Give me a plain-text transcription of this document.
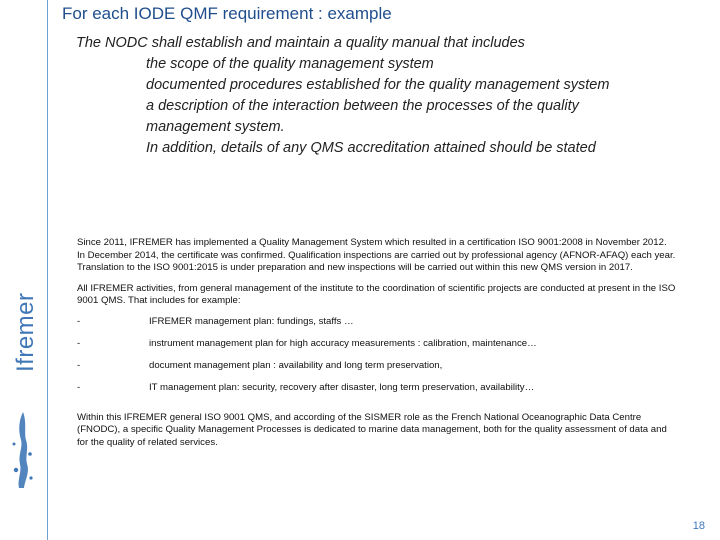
Ifremer
For each IODE QMF requirement : example
The NODC shall establish and maintain a quality manual that includes
the scope of the quality management system
documented procedures established for the quality management system
a description of the interaction between the processes of the quality
management system.
In addition, details of any QMS accreditation attained should be stated

Since 2011, IFREMER has implemented a Quality Management System which resulted in a certification ISO 9001:2008 in November 2012. In December 2014, the certificate was confirmed. Qualification inspections are carried out by professional agency (AFNOR-AFAQ) each year. Translation to the ISO 9001:2015 is under preparation and new inspections will be carried out within this new QMS version in 2017.

All IFREMER activities, from general management of the institute to the coordination of scientific projects are conducted at present in the ISO 9001 QMS. That includes for example:

-	IFREMER management plan: fundings, staffs …
-	instrument management plan for high accuracy measurements : calibration, maintenance…
-	document management plan : availability and long term preservation,
-	IT management plan: security, recovery after disaster, long term preservation, availability…

Within this IFREMER general ISO 9001 QMS, and according of the SISMER role as the French National Oceanographic Data Centre (FNODC), a specific Quality Management Processes is dedicated to marine data management, both for the quality assessment of data and for the quality of related services.

18
